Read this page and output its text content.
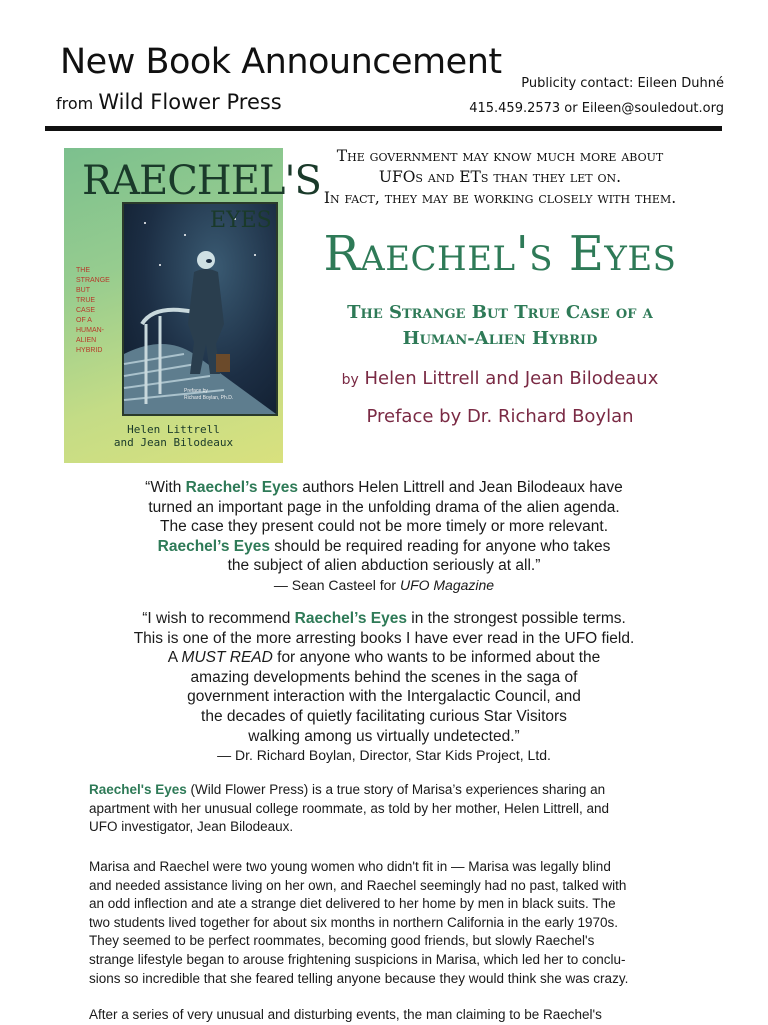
New Book Announcement
from Wild Flower Press
Publicity contact: Eileen Duhné
415.459.2573 or Eileen@souledout.org
RAECHEL'S
EYES
THE
STRANGE
BUT
TRUE
CASE
OF A
HUMAN-
ALIEN
HYBRID
Preface by
Richard Boylan, Ph.D.
Helen Littrell
and Jean Bilodeaux
The government may know much more about
UFOs and ETs than they let on.
In fact, they may be working closely with them.
Raechel's Eyes
The Strange But True Case of a
Human-Alien Hybrid
by Helen Littrell and Jean Bilodeaux
Preface by Dr. Richard Boylan
“With Raechel’s Eyes authors Helen Littrell and Jean Bilodeaux have
turned an important page in the unfolding drama of the alien agenda.
The case they present could not be more timely or more relevant.
Raechel’s Eyes should be required reading for anyone who takes
the subject of alien abduction seriously at all.”
— Sean Casteel for UFO Magazine
“I wish to recommend Raechel’s Eyes in the strongest possible terms.
This is one of the more arresting books I have ever read in the UFO field.
A MUST READ for anyone who wants to be informed about the
amazing developments behind the scenes in the saga of
government interaction with the Intergalactic Council, and
the decades of quietly facilitating curious Star Visitors
walking among us virtually undetected.”
— Dr. Richard Boylan, Director, Star Kids Project, Ltd.
Raechel's Eyes (Wild Flower Press) is a true story of Marisa’s experiences sharing an
apartment with her unusual college roommate, as told by her mother, Helen Littrell, and
UFO investigator, Jean Bilodeaux.
Marisa and Raechel were two young women who didn't fit in — Marisa was legally blind
and needed assistance living on her own, and Raechel seemingly had no past, talked with
an odd inflection and ate a strange diet delivered to her home by men in black suits. The
two students lived together for about six months in northern California in the early 1970s.
They seemed to be perfect roommates, becoming good friends, but slowly Raechel's
strange lifestyle began to arouse frightening suspicions in Marisa, which led her to conclu-
sions so incredible that she feared telling anyone because they would think she was crazy.
After a series of very unusual and disturbing events, the man claiming to be Raechel's
